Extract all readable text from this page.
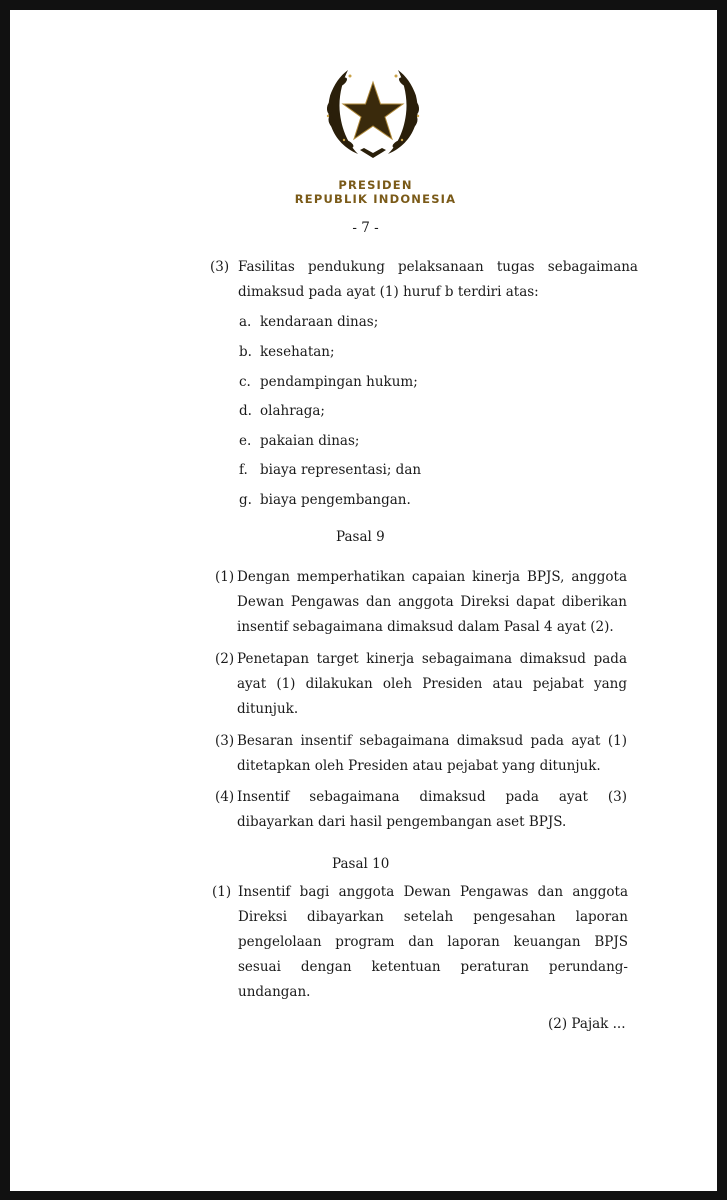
PRESIDEN
REPUBLIK INDONESIA
- 7 -
(3) Fasilitas pendukung pelaksanaan tugas sebagaimana
dimaksud pada ayat (1) huruf b terdiri atas:
a. kendaraan dinas;
b. kesehatan;
c. pendampingan hukum;
d. olahraga;
e. pakaian dinas;
f. biaya representasi; dan
g. biaya pengembangan.
Pasal 9
(1) Dengan memperhatikan capaian kinerja BPJS, anggota
Dewan Pengawas dan anggota Direksi dapat diberikan
insentif sebagaimana dimaksud dalam Pasal 4 ayat (2).
(2) Penetapan target kinerja sebagaimana dimaksud pada
ayat (1) dilakukan oleh Presiden atau pejabat yang
ditunjuk.
(3) Besaran insentif sebagaimana dimaksud pada ayat (1)
ditetapkan oleh Presiden atau pejabat yang ditunjuk.
(4) Insentif sebagaimana dimaksud pada ayat (3)
dibayarkan dari hasil pengembangan aset BPJS.
Pasal 10
(1) Insentif bagi anggota Dewan Pengawas dan anggota
Direksi dibayarkan setelah pengesahan laporan
pengelolaan program dan laporan keuangan BPJS
sesuai dengan ketentuan peraturan perundang-
undangan.
(2) Pajak ...
